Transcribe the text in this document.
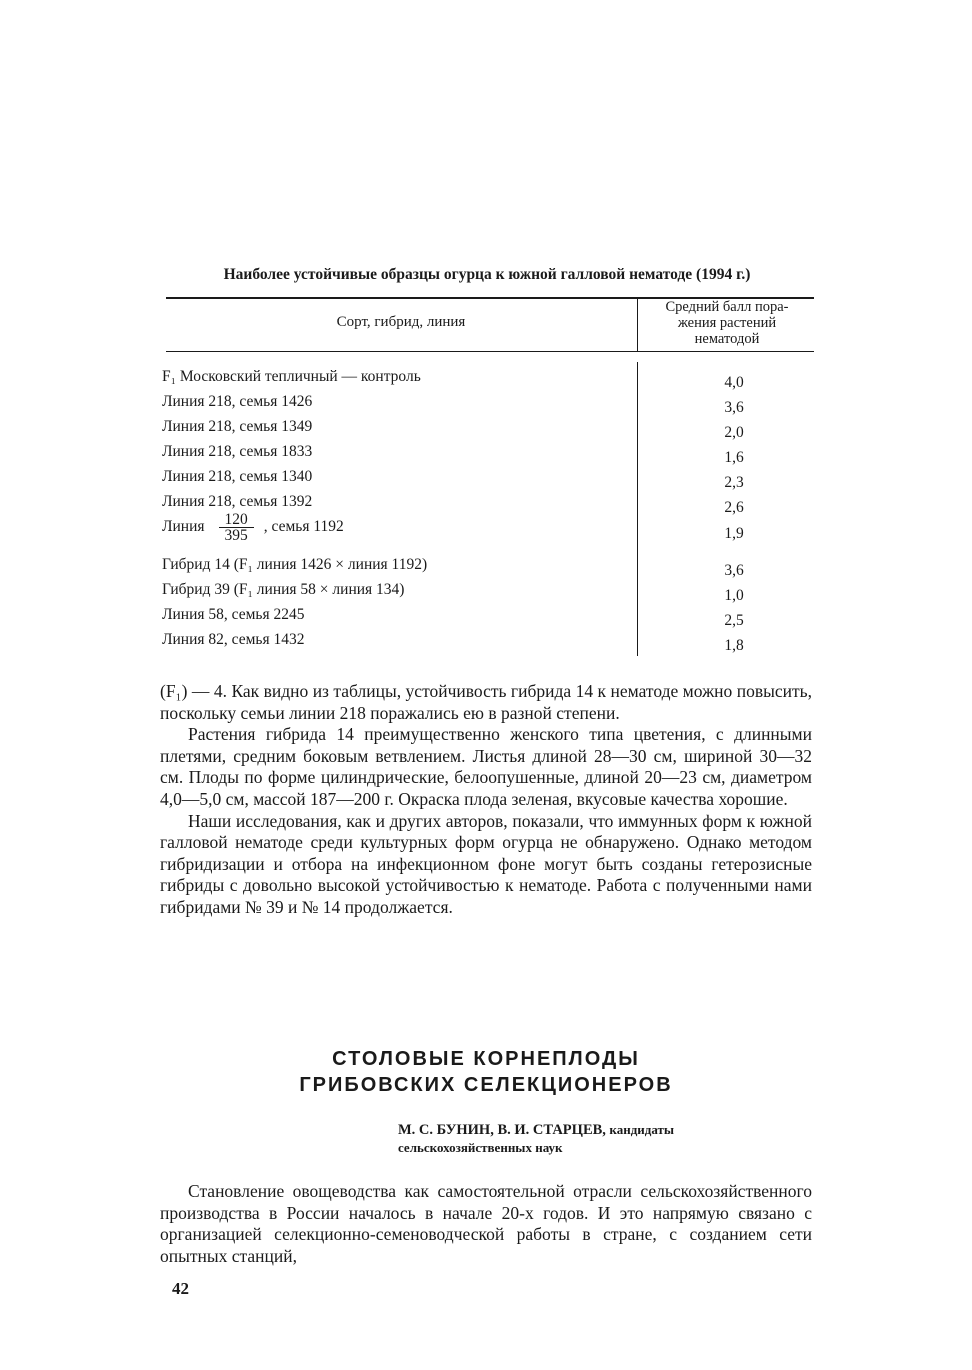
Наиболее устойчивые образцы огурца к южной галловой нематоде (1994 г.)
Сорт, гибрид, линия
Средний балл пора-
жения растений
нематодой
F₁ Московский тепличный — контроль	4,0
Линия 218, семья 1426	3,6
Линия 218, семья 1349	2,0
Линия 218, семья 1833	1,6
Линия 218, семья 1340	2,3
Линия 218, семья 1392	2,6
Линия $\frac{120}{395}$ , семья 1192	1,9
Гибрид 14 (F₁ линия 1426 × линия 1192)	3,6
Гибрид 39 (F₁ линия 58 × линия 134)	1,0
Линия 58, семья 2245	2,5
Линия 82, семья 1432	1,8

(F₁) — 4. Как видно из таблицы, устойчивость гибрида 14 к нематоде можно повысить, поскольку семьи линии 218 поражались ею в разной степени.

Растения гибрида 14 преимущественно женского типа цветения, с длинными плетями, средним боковым ветвлением. Листья длиной 28—30 см, шириной 30—32 см. Плоды по форме цилиндрические, белоопушенные, длиной 20—23 см, диаметром 4,0—5,0 см, массой 187—200 г. Окраска плода зеленая, вкусовые качества хорошие.

Наши исследования, как и других авторов, показали, что иммунных форм к южной галловой нематоде среди культурных форм огурца не обнаружено. Однако методом гибридизации и отбора на инфекционном фоне могут быть созданы гетерозисные гибриды с довольно высокой устойчивостью к нематоде. Работа с полученными нами гибридами № 39 и № 14 продолжается.

СТОЛОВЫЕ КОРНЕПЛОДЫ
ГРИБОВСКИХ СЕЛЕКЦИОНЕРОВ
М. С. БУНИН, В. И. СТАРЦЕВ, кандидаты
сельскохозяйственных наук

Становление овощеводства как самостоятельной отрасли сельскохозяйственного производства в России началось в начале 20-х годов. И это напрямую связано с организацией селекционно-семеноводческой работы в стране, с созданием сети опытных станций,

42
